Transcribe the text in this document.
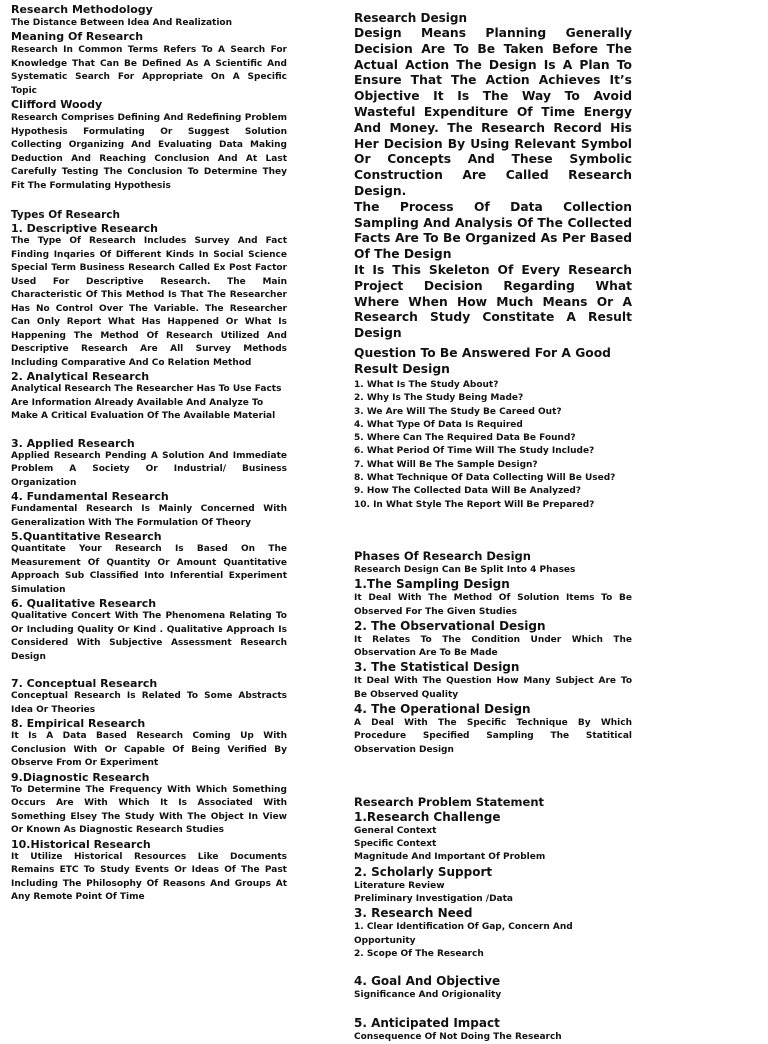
Research Methodology
The Distance Between Idea And Realization
Meaning Of Research
Research In Common Terms Refers To A Search For Knowledge That Can Be Defined As A Scientific And Systematic Search For Appropriate On A Specific Topic
Clifford Woody
Research Comprises Defining And Redefining Problem Hypothesis Formulating Or Suggest Solution Collecting Organizing And Evaluating Data Making Deduction And Reaching Conclusion And At Last Carefully Testing The Conclusion To Determine They Fit The Formulating Hypothesis
Types Of Research
1. Descriptive Research
The Type Of Research Includes Survey And Fact Finding Inqaries Of Different Kinds In Social Science Special Term Business Research Called Ex Post Factor Used For Descriptive Research. The Main Characteristic Of This Method Is That The Researcher Has No Control Over The Variable. The Researcher Can Only Report What Has Happened Or What Is Happening The Method Of Research Utilized And Descriptive Research Are All Survey Methods Including Comparative And Co Relation Method
2. Analytical Research
Analytical Research The Researcher Has To Use Facts Are Information Already Available And Analyze To Make A Critical Evaluation Of The Available Material
3. Applied Research
Applied Research Pending A Solution And Immediate Problem A Society Or Industrial/ Business Organization
4. Fundamental Research
Fundamental Research Is Mainly Concerned With Generalization With The Formulation Of Theory
5.Quantitative Research
Quantitate Your Research Is Based On The Measurement Of Quantity Or Amount Quantitative Approach Sub Classified Into Inferential Experiment Simulation
6. Qualitative Research
Qualitative Concert With The Phenomena Relating To Or Including Quality Or Kind . Qualitative Approach Is Considered With Subjective Assessment Research Design
7. Conceptual Research
Conceptual Research Is Related To Some Abstracts Idea Or Theories
8. Empirical Research
It Is A Data Based Research Coming Up With Conclusion With Or Capable Of Being Verified By Observe From Or Experiment
9.Diagnostic Research
To Determine The Frequency With Which Something Occurs Are With Which It Is Associated With Something Elsey The Study With The Object In View Or Known As Diagnostic Research Studies
10.Historical Research
It Utilize Historical Resources Like Documents Remains ETC To Study Events Or Ideas Of The Past Including The Philosophy Of Reasons And Groups At Any Remote Point Of Time
Research Design
Design Means Planning Generally Decision Are To Be Taken Before The Actual Action The Design Is A Plan To Ensure That The Action Achieves It’s Objective It Is The Way To Avoid Wasteful Expenditure Of Time Energy And Money. The Research Record His Her Decision By Using Relevant Symbol Or Concepts And These Symbolic Construction Are Called Research Design.
The Process Of Data Collection Sampling And Analysis Of The Collected Facts Are To Be Organized As Per Based Of The Design
It Is This Skeleton Of Every Research Project Decision Regarding What Where When How Much Means Or A Research Study Constitate A Result Design
Question To Be Answered For A Good Result Design
1. What Is The Study About?
2. Why Is The Study Being Made?
3. We Are Will The Study Be Careed Out?
4. What Type Of Data Is Required
5. Where Can The Required Data Be Found?
6. What Period Of Time Will The Study Include?
7. What Will Be The Sample Design?
8. What Technique Of Data Collecting Will Be Used?
9. How The Collected Data Will Be Analyzed?
10. In What Style The Report Will Be Prepared?
Phases Of Research Design
Research Design Can Be Split Into 4 Phases
1.The Sampling Design
It Deal With The Method Of Solution Items To Be Observed For The Given Studies
2. The Observational Design
It Relates To The Condition Under Which The Observation Are To Be Made
3. The Statistical Design
It Deal With The Question How Many Subject Are To Be Observed Quality
4. The Operational Design
A Deal With The Specific Technique By Which Procedure Specified Sampling The Statitical Observation Design
Research Problem Statement
1.Research Challenge
General Context
Specific Context
Magnitude And Important Of Problem
2. Scholarly Support
Literature Review
Preliminary Investigation /Data
3. Research Need
1. Clear Identification Of Gap, Concern And Opportunity
2. Scope Of The Research
4. Goal And Objective
Significance And Origionality
5. Anticipated Impact
Consequence Of Not Doing The Research
